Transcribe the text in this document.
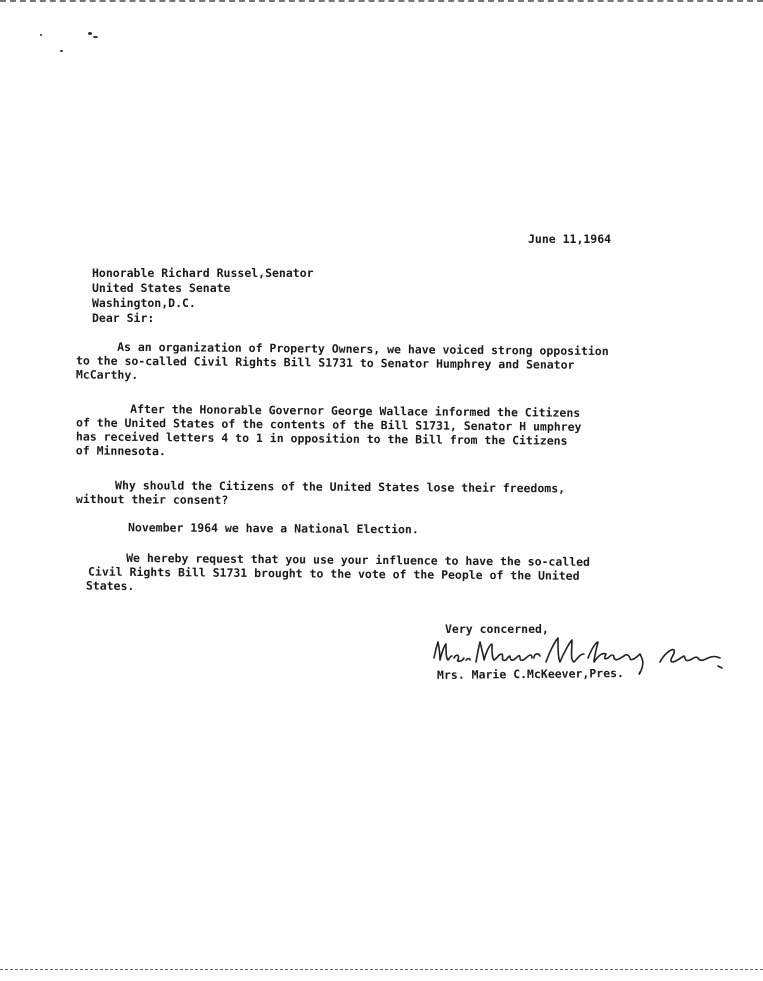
June 11,1964
Honorable Richard Russel,Senator
United States Senate
Washington,D.C.
Dear Sir:
As an organization of Property Owners, we have voiced strong opposition
to the so-called Civil Rights Bill S1731 to Senator Humphrey and Senator
McCarthy.
After the Honorable Governor George Wallace informed the Citizens
of the United States of the contents of the Bill S1731, Senator H umphrey
has received letters 4 to 1 in opposition to the Bill from the Citizens
of Minnesota.
Why should the Citizens of the United States lose their freedoms,
without their consent?
November 1964 we have a National Election.
We hereby request that you use your influence to have the so-called
Civil Rights Bill S1731 brought to the vote of the People of the United
States.
Very concerned,
Mrs. Marie C.McKeever,Pres.
